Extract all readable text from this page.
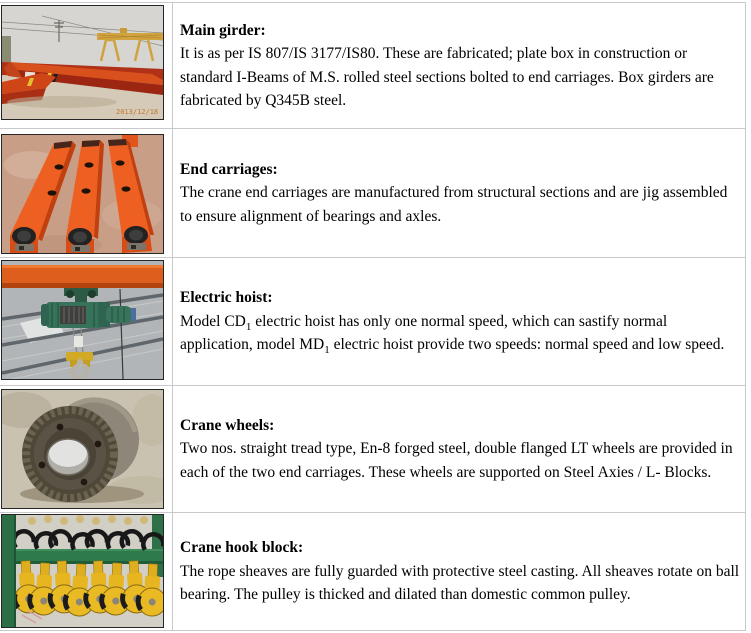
2013/12/18
Main girder:
It is as per IS 807/IS 3177/IS80. These are fabricated; plate box in construction or standard I-Beams of M.S. rolled steel sections bolted to end carriages. Box girders are fabricated by Q345B steel.
End carriages:
The crane end carriages are manufactured from structural sections and are jig assembled to ensure alignment of bearings and axles.
Electric hoist:
Model $CD_1$ electric hoist has only one normal speed, which can sastify normal application, model $MD_1$ electric hoist provide two speeds: normal speed and low speed.
Crane wheels:
Two nos. straight tread type, En-8 forged steel, double flanged LT wheels are provided in each of the two end carriages. These wheels are supported on Steel Axies / L- Blocks.
Crane hook block:
The rope sheaves are fully guarded with protective steel casting. All sheaves rotate on ball bearing. The pulley is thicked and dilated than domestic common pulley.
